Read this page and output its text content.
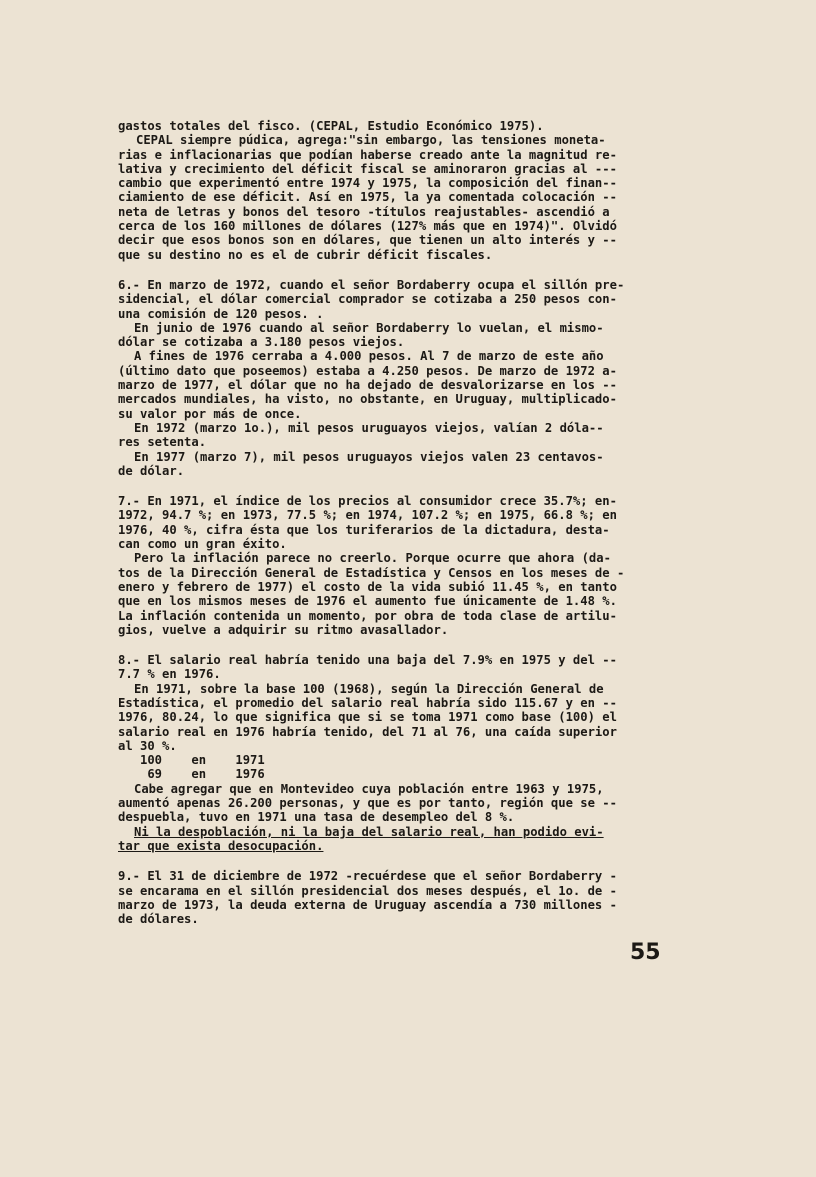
gastos totales del fisco. (CEPAL, Estudio Económico 1975).

CEPAL siempre púdica, agrega:"sin embargo, las tensiones moneta-

rias e inflacionarias que podían haberse creado ante la magnitud re-

lativa y crecimiento del déficit fiscal se aminoraron gracias al ---

cambio que experimentó entre 1974 y 1975, la composición del finan--

ciamiento de ese déficit. Así en 1975, la ya comentada colocación --

neta de letras y bonos del tesoro -títulos reajustables- ascendió a

cerca de los 160 millones de dólares (127% más que en 1974)". Olvidó

decir que esos bonos son en dólares, que tienen un alto interés y --

que su destino no es el de cubrir déficit fiscales.

6.- En marzo de 1972, cuando el señor Bordaberry ocupa el sillón pre-

sidencial, el dólar comercial comprador se cotizaba a 250 pesos con-

una comisión de 120 pesos. .

En junio de 1976 cuando al señor Bordaberry lo vuelan, el mismo-

dólar se cotizaba a 3.180 pesos viejos.

A fines de 1976 cerraba a 4.000 pesos. Al 7 de marzo de este año

(último dato que poseemos) estaba a 4.250 pesos. De marzo de 1972 a-

marzo de 1977, el dólar que no ha dejado de desvalorizarse en los --

mercados mundiales, ha visto, no obstante, en Uruguay, multiplicado-

su valor por más de once.

En 1972 (marzo 1o.), mil pesos uruguayos viejos, valían 2 dóla--

res setenta.

En 1977 (marzo 7), mil pesos uruguayos viejos valen 23 centavos-

de dólar.

7.- En 1971, el índice de los precios al consumidor crece 35.7%; en-

1972, 94.7 %; en 1973, 77.5 %; en 1974, 107.2 %; en 1975, 66.8 %; en

1976, 40 %, cifra ésta que los turiferarios de la dictadura, desta-

can como un gran éxito.

Pero la inflación parece no creerlo. Porque ocurre que ahora (da-

tos de la Dirección General de Estadística y Censos en los meses de -

enero y febrero de 1977) el costo de la vida subió 11.45 %, en tanto

que en los mismos meses de 1976 el aumento fue únicamente de 1.48 %.

La inflación contenida un momento, por obra de toda clase de artilu-

gios, vuelve a adquirir su ritmo avasallador.

8.- El salario real habría tenido una baja del 7.9% en 1975 y del --

7.7 % en 1976.

En 1971, sobre la base 100 (1968), según la Dirección General de

Estadística, el promedio del salario real habría sido 115.67 y en --

1976, 80.24, lo que significa que si se toma 1971 como base (100) el

salario real en 1976 habría tenido, del 71 al 76, una caída superior

al 30 %.

100    en    1971

69    en    1976

Cabe agregar que en Montevideo cuya población entre 1963 y 1975,

aumentó apenas 26.200 personas, y que es por tanto, región que se --

despuebla, tuvo en 1971 una tasa de desempleo del 8 %.

Ni la despoblación, ni la baja del salario real, han podido evi-

tar que exista desocupación.

9.- El 31 de diciembre de 1972 -recuérdese que el señor Bordaberry -

se encarama en el sillón presidencial dos meses después, el 1o. de -

marzo de 1973, la deuda externa de Uruguay ascendía a 730 millones -

de dólares.

55
